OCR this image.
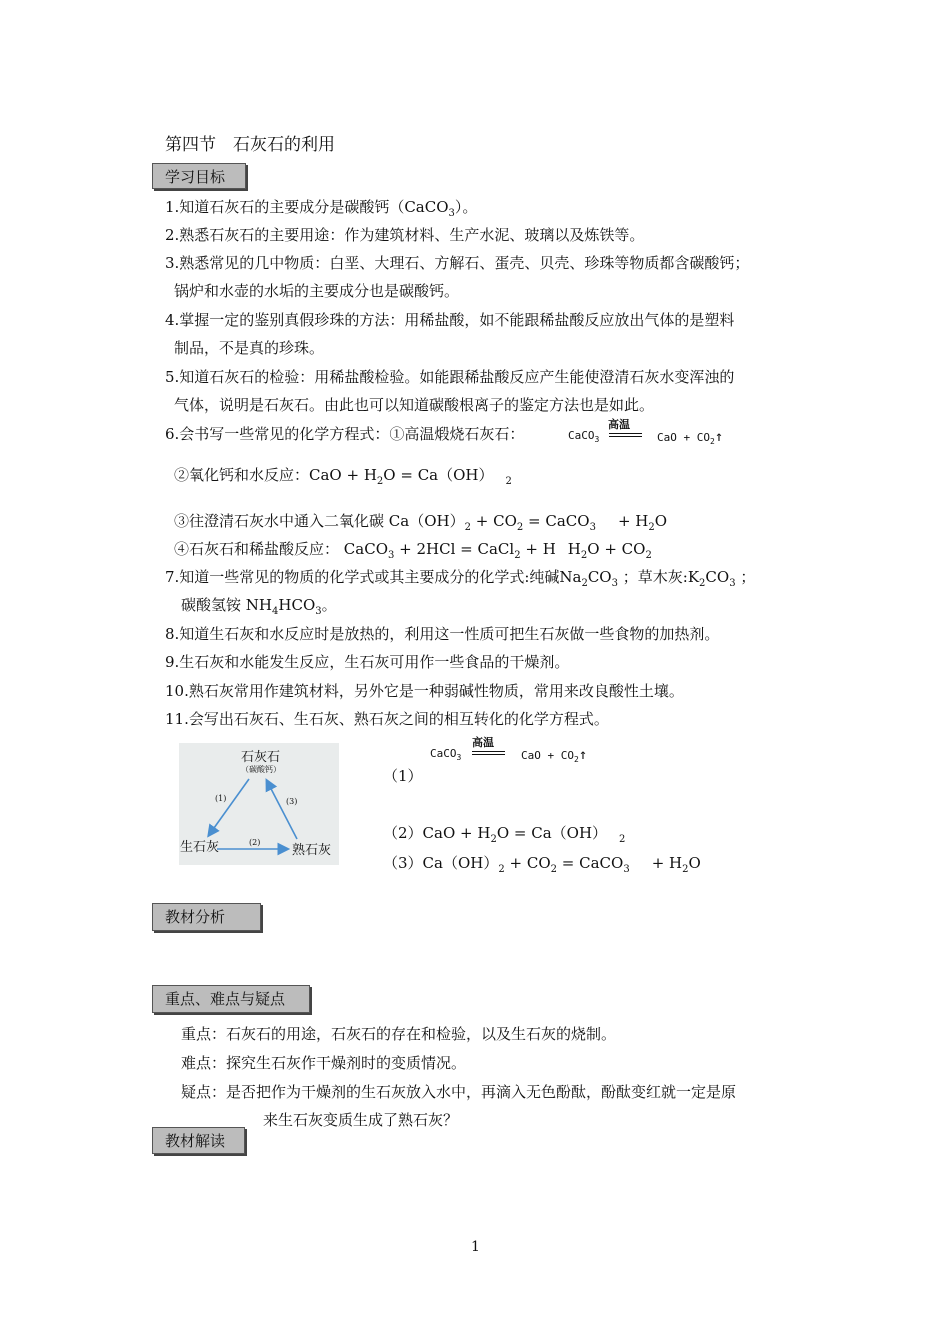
第四节　石灰石的利用
学习目标
1.知道石灰石的主要成分是碳酸钙（CaCO$_3$）。
2.熟悉石灰石的主要用途：作为建筑材料、生产水泥、玻璃以及炼铁等。
3.熟悉常见的几中物质：白垩、大理石、方解石、蛋壳、贝壳、珍珠等物质都含碳酸钙；
锅炉和水壶的水垢的主要成分也是碳酸钙。
4.掌握一定的鉴别真假珍珠的方法：用稀盐酸，如不能跟稀盐酸反应放出气体的是塑料
制品，不是真的珍珠。
5.知道石灰石的检验：用稀盐酸检验。如能跟稀盐酸反应产生能使澄清石灰水变浑浊的
气体，说明是石灰石。由此也可以知道碳酸根离子的鉴定方法也是如此。
6.会书写一些常见的化学方程式：①高温煅烧石灰石：	CaCO$_3$
高温
CaO + $CO_2↑$
②氧化钙和水反应：CaO + $H_2O = Ca(OH)$ $_2$
③往澄清石灰水中通入二氧化碳 $Ca(OH)_2 + CO_2$ = CaCO$_3$ + $H_2O$
④石灰石和稀盐酸反应： CaCO$_3$ + 2HCl = CaCl$_2$ + H $H_2O + CO_2$
7.知道一些常见的物质的化学式或其主要成分的化学式:纯碱$Na_2CO_3$ ；草木灰$:K_2CO_3$ ；
碳酸氢铵 $NH_4HCO_3$。
8.知道生石灰和水反应时是放热的，利用这一性质可把生石灰做一些食物的加热剂。
9.生石灰和水能发生反应，生石灰可用作一些食品的干燥剂。
10.熟石灰常用作建筑材料，另外它是一种弱碱性物质，常用来改良酸性土壤。
11.会写出石灰石、生石灰、熟石灰之间的相互转化的化学方程式。
石灰石
（碳酸钙）
生石灰	熟石灰
(1)
(2)
(3)
CaCO$_3$
高温
CaO + $CO_2↑$
（1）
$(2)CaO + H_2O = Ca(OH)$ $_2$
$(3)Ca(OH)_2 + CO_2$ = CaCO$_3$ + $H_2O$
教材分析
重点、难点与疑点
重点：石灰石的用途，石灰石的存在和检验，以及生石灰的烧制。
难点：探究生石灰作干燥剂时的变质情况。
疑点：是否把作为干燥剂的生石灰放入水中，再滴入无色酚酞，酚酞变红就一定是原
来生石灰变质生成了熟石灰？
教材解读
1
